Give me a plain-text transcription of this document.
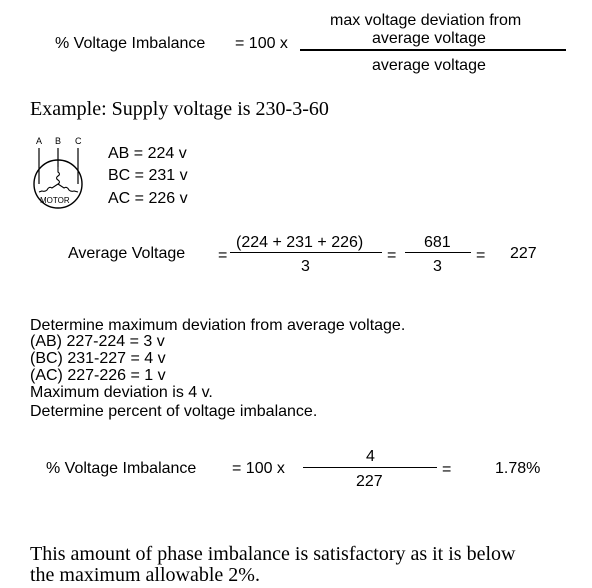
% Voltage Imbalance = 100 x
max voltage deviation from
average voltage
average voltage
Example: Supply voltage is 230-3-60
A B C
MOTOR
AB = 224 v
BC = 231 v
AC = 226 v
Average Voltage =
(224 + 231 + 226)
3
=
681
3
= 227
Determine maximum deviation from average voltage.
(AB) 227-224 = 3 v
(BC) 231-227 = 4 v
(AC) 227-226 = 1 v
Maximum deviation is 4 v.
Determine percent of voltage imbalance.
% Voltage Imbalance = 100 x
4
227
=	1.78%
This amount of phase imbalance is satisfactory as it is below
the maximum allowable 2%.
